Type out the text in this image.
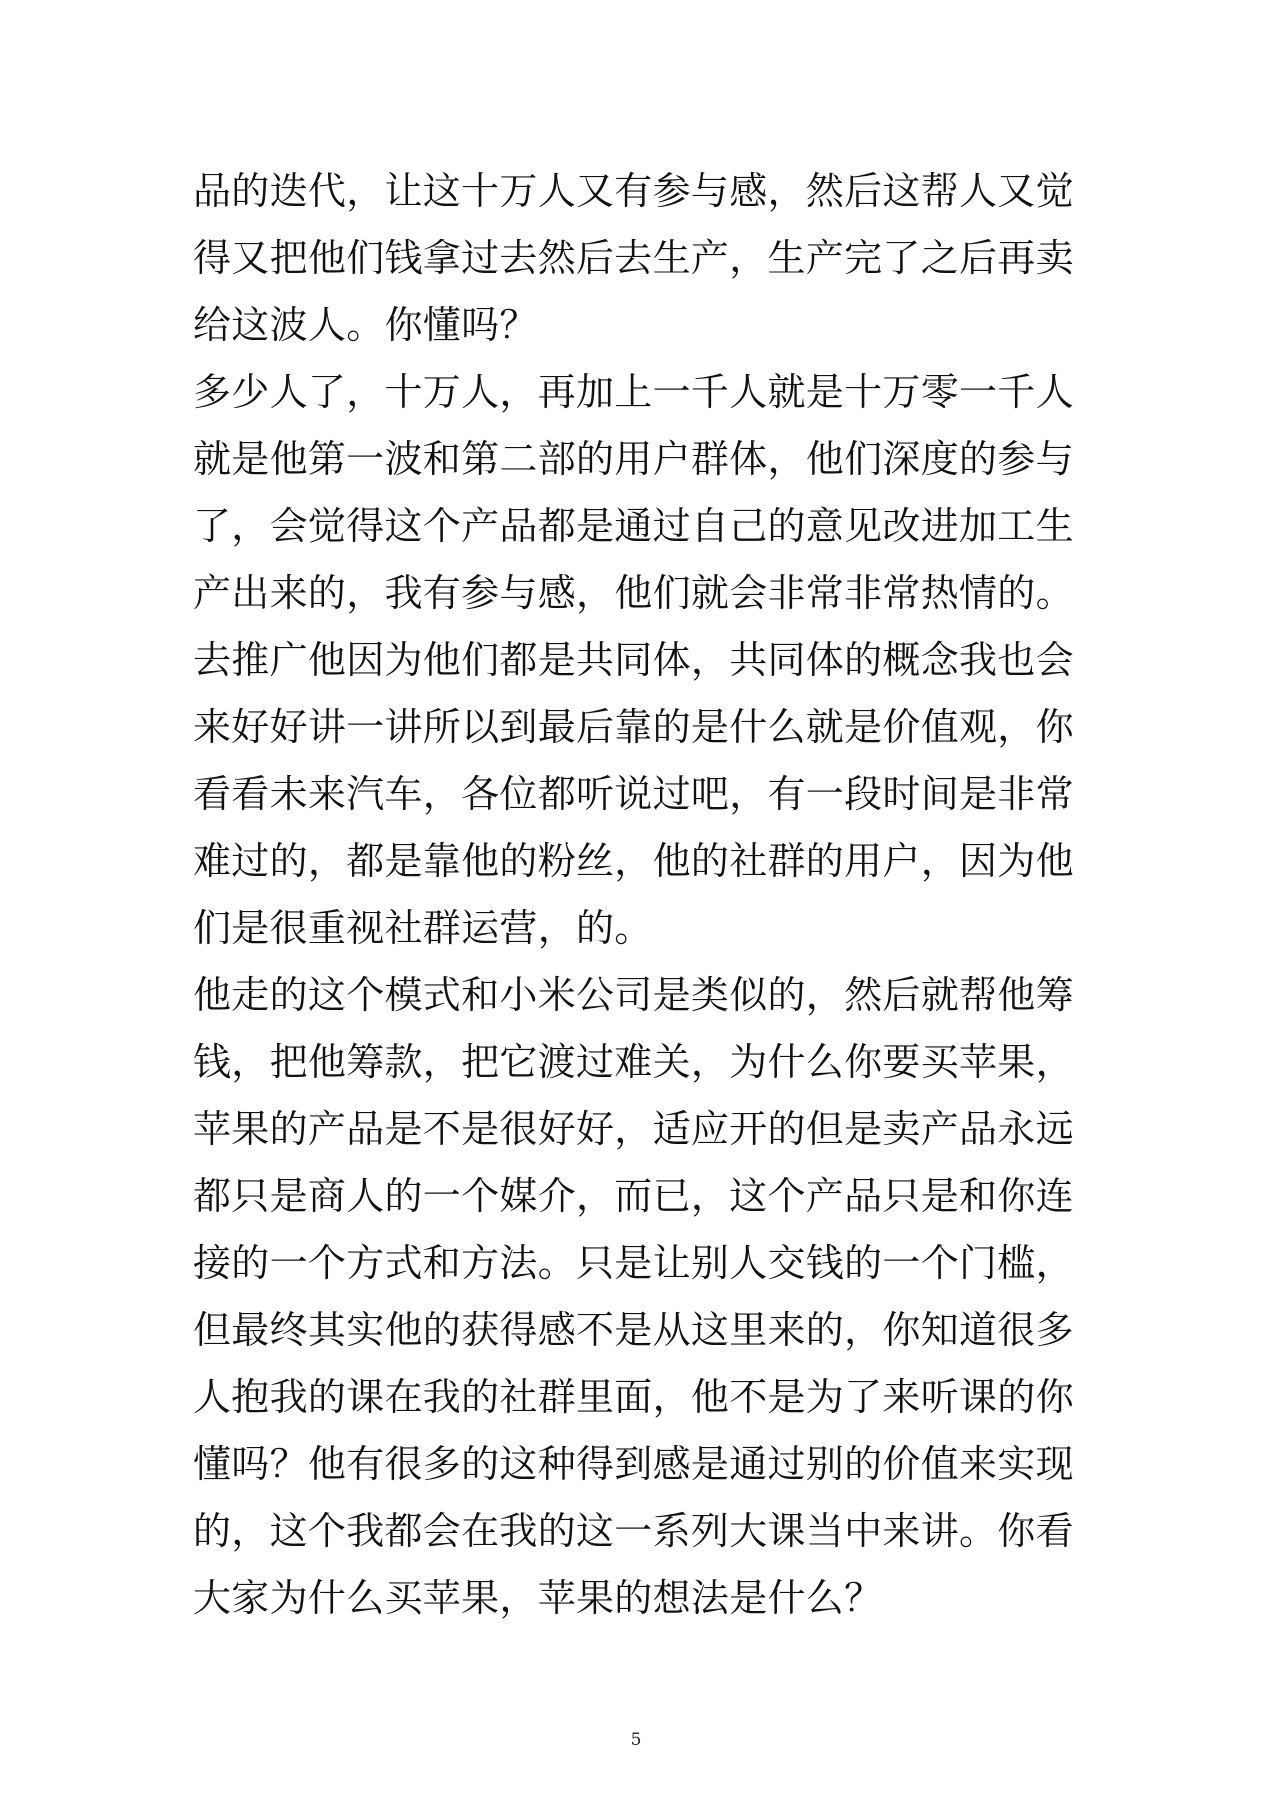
品的迭代，让这十万人又有参与感，然后这帮人又觉
得又把他们钱拿过去然后去生产，生产完了之后再卖
给这波人。你懂吗？
多少人了，十万人，再加上一千人就是十万零一千人
就是他第一波和第二部的用户群体，他们深度的参与
了，会觉得这个产品都是通过自己的意见改进加工生
产出来的，我有参与感，他们就会非常非常热情的。
去推广他因为他们都是共同体，共同体的概念我也会
来好好讲一讲所以到最后靠的是什么就是价值观，你
看看未来汽车，各位都听说过吧，有一段时间是非常
难过的，都是靠他的粉丝，他的社群的用户，因为他
们是很重视社群运营，的。
他走的这个模式和小米公司是类似的，然后就帮他筹
钱，把他筹款，把它渡过难关，为什么你要买苹果，
苹果的产品是不是很好好，适应开的但是卖产品永远
都只是商人的一个媒介，而已，这个产品只是和你连
接的一个方式和方法。只是让别人交钱的一个门槛，
但最终其实他的获得感不是从这里来的，你知道很多
人抱我的课在我的社群里面，他不是为了来听课的你
懂吗？他有很多的这种得到感是通过别的价值来实现
的，这个我都会在我的这一系列大课当中来讲。你看
大家为什么买苹果，苹果的想法是什么？
5
